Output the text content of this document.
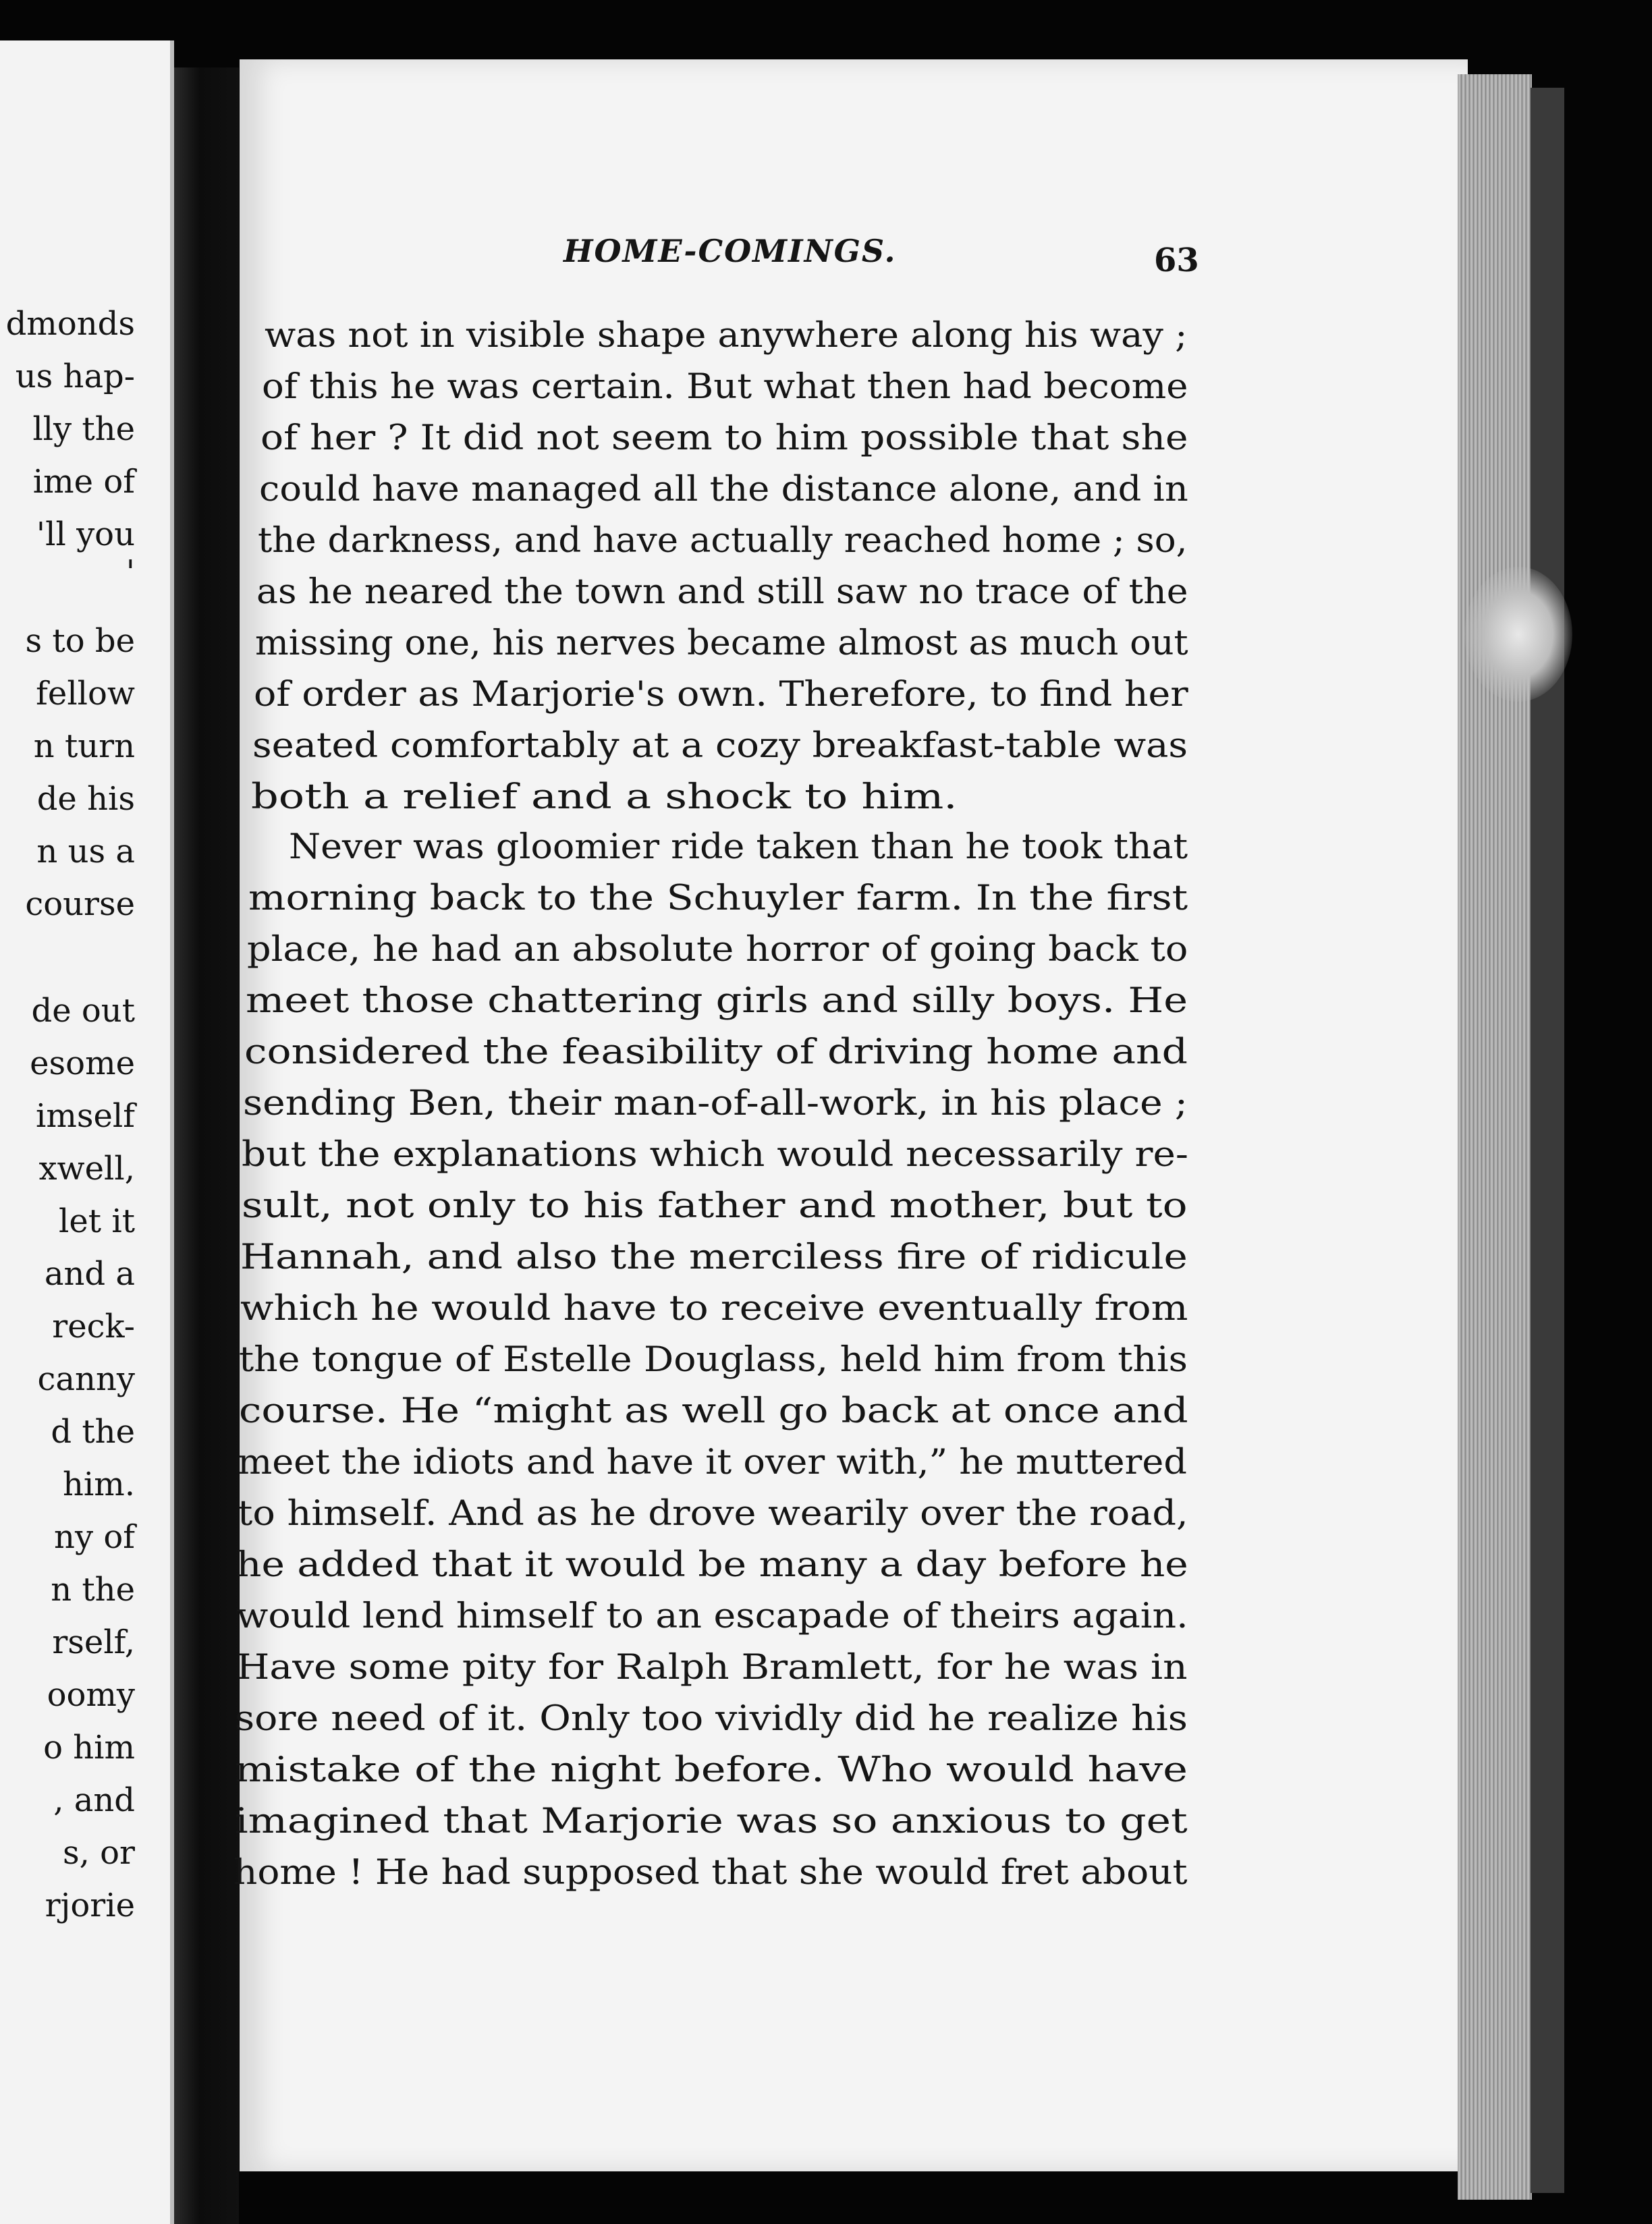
dmonds
us hap-
lly the
ime of
'll you
'
s to be
fellow
n turn
de his
n us a
course
de out
esome
imself
xwell,
let it
and a
reck-
canny
d the
him.
ny of
n the
rself,
oomy
o him
, and
s, or
rjorie
HOME-COMINGS.	63
was not in visible shape anywhere along his way ;
of this he was certain. But what then had become
of her ? It did not seem to him possible that she
could have managed all the distance alone, and in
the darkness, and have actually reached home ; so,
as he neared the town and still saw no trace of the
missing one, his nerves became almost as much out
of order as Marjorie's own. Therefore, to find her
seated comfortably at a cozy breakfast-table was
both a relief and a shock to him.
Never was gloomier ride taken than he took that
morning back to the Schuyler farm. In the first
place, he had an absolute horror of going back to
meet those chattering girls and silly boys. He
considered the feasibility of driving home and
sending Ben, their man-of-all-work, in his place ;
but the explanations which would necessarily re-
sult, not only to his father and mother, but to
Hannah, and also the merciless fire of ridicule
which he would have to receive eventually from
the tongue of Estelle Douglass, held him from this
course. He “might as well go back at once and
meet the idiots and have it over with,” he muttered
to himself. And as he drove wearily over the road,
he added that it would be many a day before he
would lend himself to an escapade of theirs again.
Have some pity for Ralph Bramlett, for he was in
sore need of it. Only too vividly did he realize his
mistake of the night before. Who would have
imagined that Marjorie was so anxious to get
home ! He had supposed that she would fret about
